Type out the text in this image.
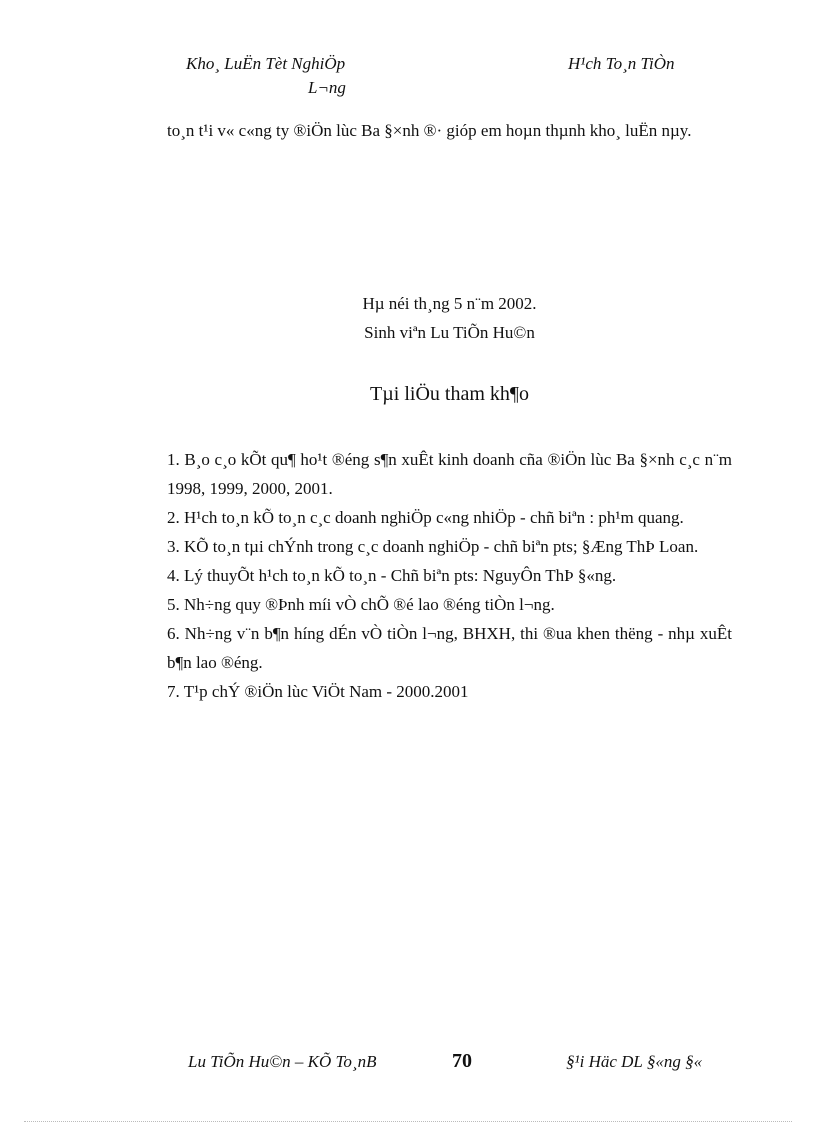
Kho¸ LuËn Tèt NghiÖp
L¬ng
H¹ch To¸n TiÒn
to¸n t¹i v« c«ng ty ®iÖn lùc Ba §×nh ®· gióp em hoµn thµnh kho¸ luËn nµy.
Hµ néi th¸ng 5 n¨m 2002.
Sinh viªn Lu TiÕn Hu©n
Tµi liÖu tham kh¶o
1. B¸o c¸o kÕt qu¶ ho¹t ®éng s¶n xuÊt kinh doanh cña ®iÖn lùc Ba §×nh c¸c n¨m 1998, 1999, 2000, 2001.
2. H¹ch to¸n kÕ to¸n c¸c doanh nghiÖp c«ng nhiÖp - chñ biªn : ph¹m quang.
3. KÕ to¸n tµi chÝnh trong c¸c doanh nghiÖp - chñ biªn pts; §Æng ThÞ Loan.
4. Lý thuyÕt h¹ch to¸n kÕ to¸n - Chñ biªn pts: NguyÔn ThÞ §«ng.
5. Nh÷ng quy ®Þnh míi vÒ chÕ ®é lao ®éng tiÒn l¬ng.
6. Nh÷ng v¨n b¶n híng dÉn vÒ tiÒn l¬ng, BHXH, thi ®ua khen thëng - nhµ xuÊt b¶n lao ®éng.
7. T¹p chÝ ®iÖn lùc ViÖt Nam - 2000.2001
Lu TiÕn Hu©n – KÕ To¸nB	70	§¹i Häc DL §«ng §«
